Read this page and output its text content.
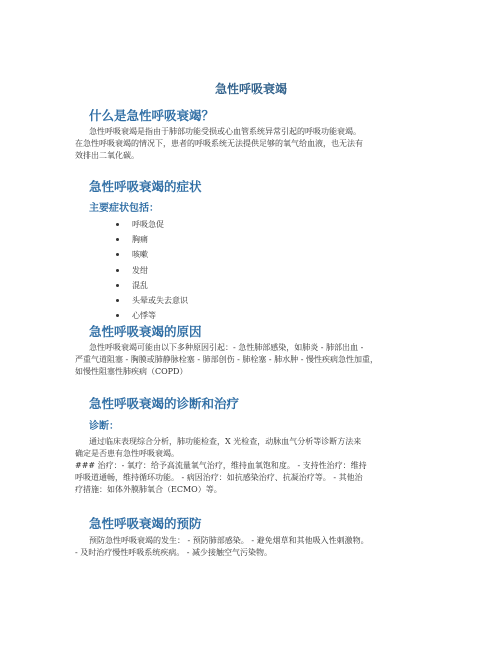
急性呼吸衰竭
什么是急性呼吸衰竭？
急性呼吸衰竭是指由于肺部功能受损或心血管系统异常引起的呼吸功能衰竭。
在急性呼吸衰竭的情况下，患者的呼吸系统无法提供足够的氧气给血液，也无法有
效排出二氧化碳。
急性呼吸衰竭的症状
主要症状包括：
呼吸急促
胸痛
咳嗽
发绀
混乱
头晕或失去意识
心悸等
急性呼吸衰竭的原因
急性呼吸衰竭可能由以下多种原因引起：- 急性肺部感染，如肺炎 - 肺部出血 -
严重气道阻塞 - 胸膜或肺静脉栓塞 - 肺部创伤 - 肺栓塞 - 肺水肿 - 慢性疾病急性加重，
如慢性阻塞性肺疾病（COPD）
急性呼吸衰竭的诊断和治疗
诊断：
通过临床表现综合分析，肺功能检查，X 光检查，动脉血气分析等诊断方法来
确定是否患有急性呼吸衰竭。
### 治疗：- 氧疗：给予高流量氧气治疗，维持血氧饱和度。 - 支持性治疗：维持
呼吸道通畅，维持循环功能。 - 病因治疗：如抗感染治疗、抗凝治疗等。 - 其他治
疗措施：如体外膜肺氧合（ECMO）等。
急性呼吸衰竭的预防
预防急性呼吸衰竭的发生： - 预防肺部感染。 - 避免烟草和其他吸入性刺激物。
- 及时治疗慢性呼吸系统疾病。 - 减少接触空气污染物。
